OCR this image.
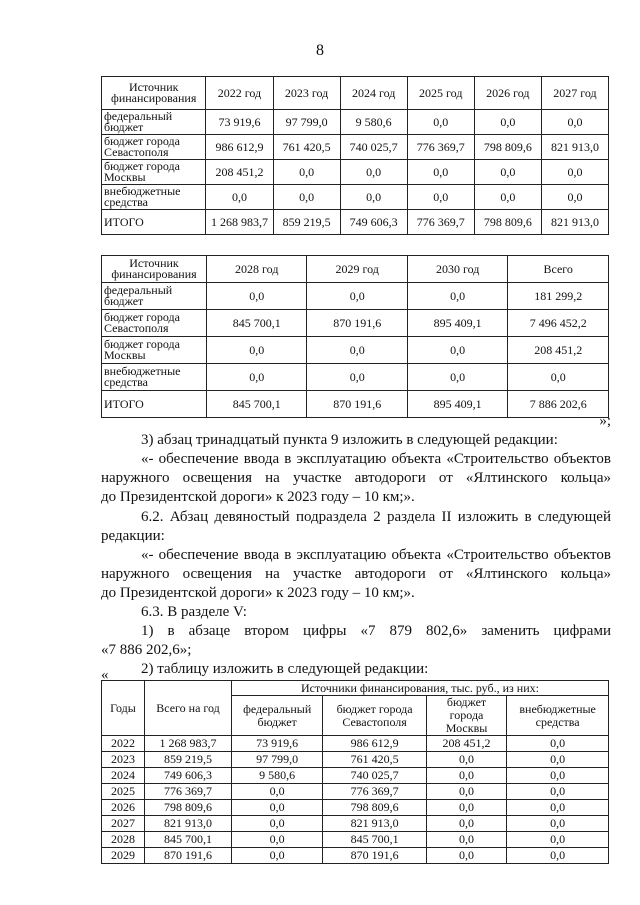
8
Источник финансирования	2022 год	2023 год	2024 год	2025 год	2026 год	2027 год
федеральный бюджет	73 919,6	97 799,0	9 580,6	0,0	0,0	0,0
бюджет города Севастополя	986 612,9	761 420,5	740 025,7	776 369,7	798 809,6	821 913,0
бюджет города Москвы	208 451,2	0,0	0,0	0,0	0,0	0,0
внебюджетные средства	0,0	0,0	0,0	0,0	0,0	0,0
ИТОГО	1 268 983,7	859 219,5	749 606,3	776 369,7	798 809,6	821 913,0
Источник финансирования	2028 год	2029 год	2030 год	Всего
федеральный бюджет	0,0	0,0	0,0	181 299,2
бюджет города Севастополя	845 700,1	870 191,6	895 409,1	7 496 452,2
бюджет города Москвы	0,0	0,0	0,0	208 451,2
внебюджетные средства	0,0	0,0	0,0	0,0
ИТОГО	845 700,1	870 191,6	895 409,1	7 886 202,6
»;
3) абзац тринадцатый пункта 9 изложить в следующей редакции:
«- обеспечение ввода в эксплуатацию объекта «Строительство объектов
наружного освещения на участке автодороги от «Ялтинского кольца»
до Президентской дороги» к 2023 году – 10 км;».
6.2. Абзац девяностый подраздела 2 раздела II изложить в следующей
редакции:
«- обеспечение ввода в эксплуатацию объекта «Строительство объектов
наружного освещения на участке автодороги от «Ялтинского кольца»
до Президентской дороги» к 2023 году – 10 км;».
6.3. В разделе V:
1) в абзаце втором цифры «7 879 802,6» заменить цифрами
«7 886 202,6»;
2) таблицу изложить в следующей редакции:
«
Годы	Всего на год	Источники финансирования, тыс. руб., из них:			
		федеральный бюджет	бюджет города Севастополя	бюджет города Москвы	внебюджетные средства
2022	1 268 983,7	73 919,6	986 612,9	208 451,2	0,0
2023	859 219,5	97 799,0	761 420,5	0,0	0,0
2024	749 606,3	9 580,6	740 025,7	0,0	0,0
2025	776 369,7	0,0	776 369,7	0,0	0,0
2026	798 809,6	0,0	798 809,6	0,0	0,0
2027	821 913,0	0,0	821 913,0	0,0	0,0
2028	845 700,1	0,0	845 700,1	0,0	0,0
2029	870 191,6	0,0	870 191,6	0,0	0,0
